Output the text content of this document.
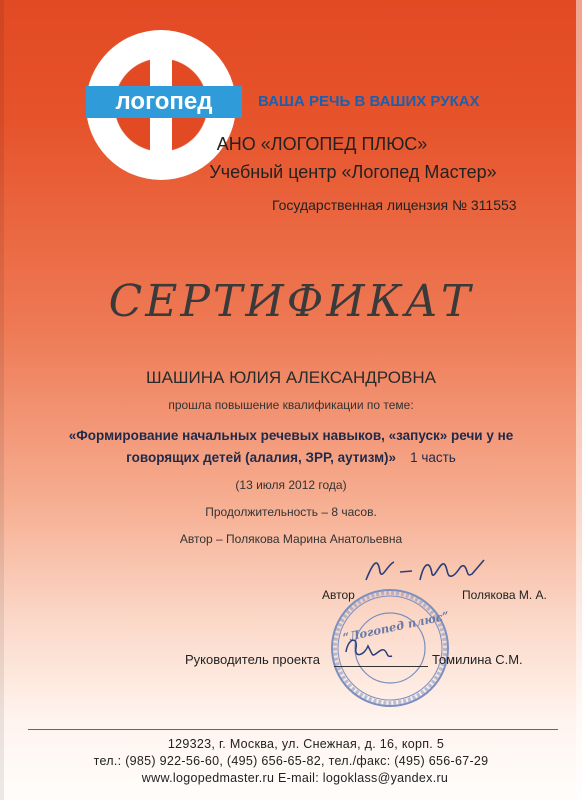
логопед	ВАША РЕЧЬ В ВАШИХ РУКАХ
АНО «ЛОГОПЕД ПЛЮС»
Учебный центр «Логопед Мастер»
Государственная лицензия № 311553
СЕРТИФИКАТ
ШАШИНА ЮЛИЯ АЛЕКСАНДРОВНА
прошла повышение квалификации по теме:
«Формирование начальных речевых навыков, «запуск» речи у не
говорящих детей (алалия, ЗРР, аутизм)» 1 часть
(13 июля 2012 года)
Продолжительность – 8 часов.
Автор – Полякова Марина Анатольевна
“Логопед плюс”
Автор	Полякова М. А.
Руководитель проекта	Томилина С.М.
129323, г. Москва, ул. Снежная, д. 16, корп. 5
тел.: (985) 922-56-60, (495) 656-65-82, тел./факс: (495) 656-67-29
www.logopedmaster.ru E-mail: logoklass@yandex.ru
